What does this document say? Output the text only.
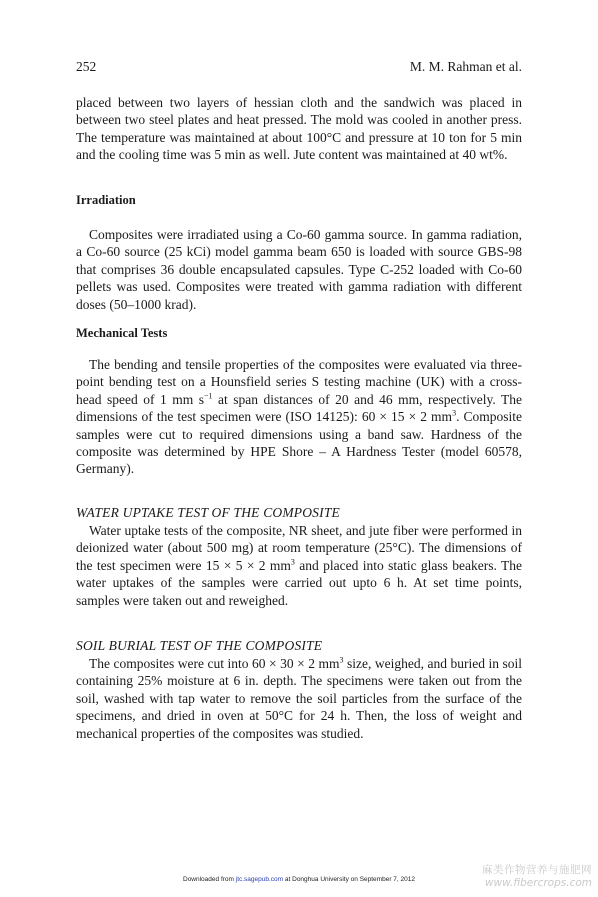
252	M. M. Rahman et al.

placed between two layers of hessian cloth and the sandwich was placed in between two steel plates and heat pressed. The mold was cooled in another press. The temperature was maintained at about 100°C and pressure at 10 ton for 5 min and the cooling time was 5 min as well. Jute content was maintained at 40 wt%.

Irradiation

Composites were irradiated using a Co-60 gamma source. In gamma radiation, a Co-60 source (25 kCi) model gamma beam 650 is loaded with source GBS-98 that comprises 36 double encapsulated capsules. Type C-252 loaded with Co-60 pellets was used. Composites were treated with gamma radiation with different doses (50–1000 krad).

Mechanical Tests

The bending and tensile properties of the composites were evaluated via three-point bending test on a Hounsfield series S testing machine (UK) with a cross-head speed of 1 mm $s^{-1}$ at span distances of 20 and 46 mm, respectively. The dimensions of the test specimen were (ISO 14125): 60 × 15 × 2 $mm^3$. Composite samples were cut to required dimensions using a band saw. Hardness of the composite was determined by HPE Shore – A Hardness Tester (model 60578, Germany).

WATER UPTAKE TEST OF THE COMPOSITE

Water uptake tests of the composite, NR sheet, and jute fiber were performed in deionized water (about 500 mg) at room temperature (25°C). The dimensions of the test specimen were 15 × 5 × 2 $mm^3$ and placed into static glass beakers. The water uptakes of the samples were carried out upto 6 h. At set time points, samples were taken out and reweighed.

SOIL BURIAL TEST OF THE COMPOSITE

The composites were cut into 60 × 30 × 2 $mm^3$ size, weighed, and buried in soil containing 25% moisture at 6 in. depth. The specimens were taken out from the soil, washed with tap water to remove the soil particles from the surface of the specimens, and dried in oven at 50°C for 24 h. Then, the loss of weight and mechanical properties of the composites was studied.

Downloaded from jtc.sagepub.com at Donghua University on September 7, 2012
麻类作物营养与施肥网
www.fibercrops.com
